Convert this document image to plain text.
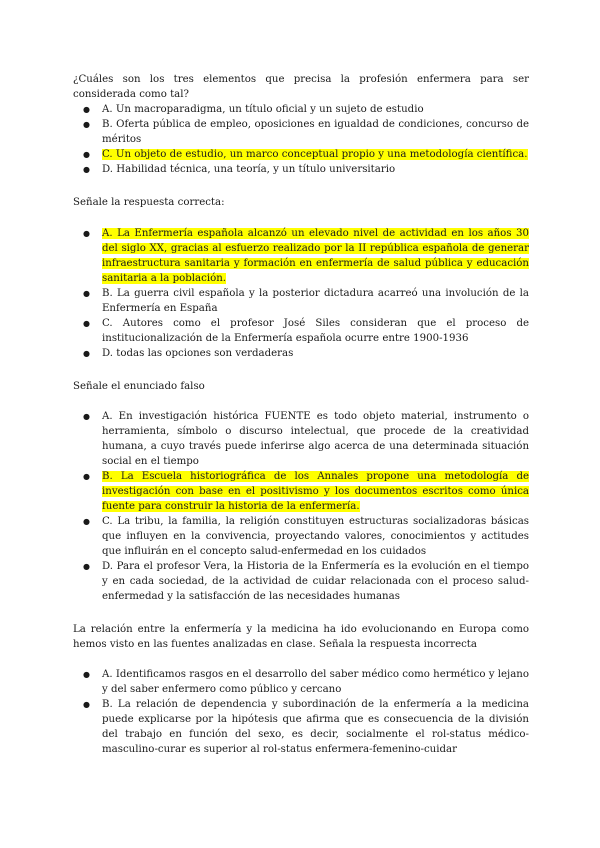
¿Cuáles son los tres elementos que precisa la profesión enfermera para ser considerada como tal?

● A. Un macroparadigma, un título oficial y un sujeto de estudio
● B. Oferta pública de empleo, oposiciones en igualdad de condiciones, concurso de méritos
● C. Un objeto de estudio, un marco conceptual propio y una metodología científica.
● D. Habilidad técnica, una teoría, y un título universitario

Señale la respuesta correcta:

● A. La Enfermería española alcanzó un elevado nivel de actividad en los años 30 del siglo XX, gracias al esfuerzo realizado por la II república española de generar infraestructura sanitaria y formación en enfermería de salud pública y educación sanitaria a la población.
● B. La guerra civil española y la posterior dictadura acarreó una involución de la Enfermería en España
● C. Autores como el profesor José Siles consideran que el proceso de institucionalización de la Enfermería española ocurre entre 1900-1936
● D. todas las opciones son verdaderas

Señale el enunciado falso

● A. En investigación histórica FUENTE es todo objeto material, instrumento o herramienta, símbolo o discurso intelectual, que procede de la creatividad humana, a cuyo través puede inferirse algo acerca de una determinada situación social en el tiempo
● B. La Escuela historiográfica de los Annales propone una metodología de investigación con base en el positivismo y los documentos escritos como única fuente para construir la historia de la enfermería.
● C. La tribu, la familia, la religión constituyen estructuras socializadoras básicas que influyen en la convivencia, proyectando valores, conocimientos y actitudes que influirán en el concepto salud-enfermedad en los cuidados
● D. Para el profesor Vera, la Historia de la Enfermería es la evolución en el tiempo y en cada sociedad, de la actividad de cuidar relacionada con el proceso salud-enfermedad y la satisfacción de las necesidades humanas

La relación entre la enfermería y la medicina ha ido evolucionando en Europa como hemos visto en las fuentes analizadas en clase. Señala la respuesta incorrecta

● A. Identificamos rasgos en el desarrollo del saber médico como hermético y lejano y del saber enfermero como público y cercano
● B. La relación de dependencia y subordinación de la enfermería a la medicina puede explicarse por la hipótesis que afirma que es consecuencia de la división del trabajo en función del sexo, es decir, socialmente el rol-status médico-masculino-curar es superior al rol-status enfermera-femenino-cuidar
